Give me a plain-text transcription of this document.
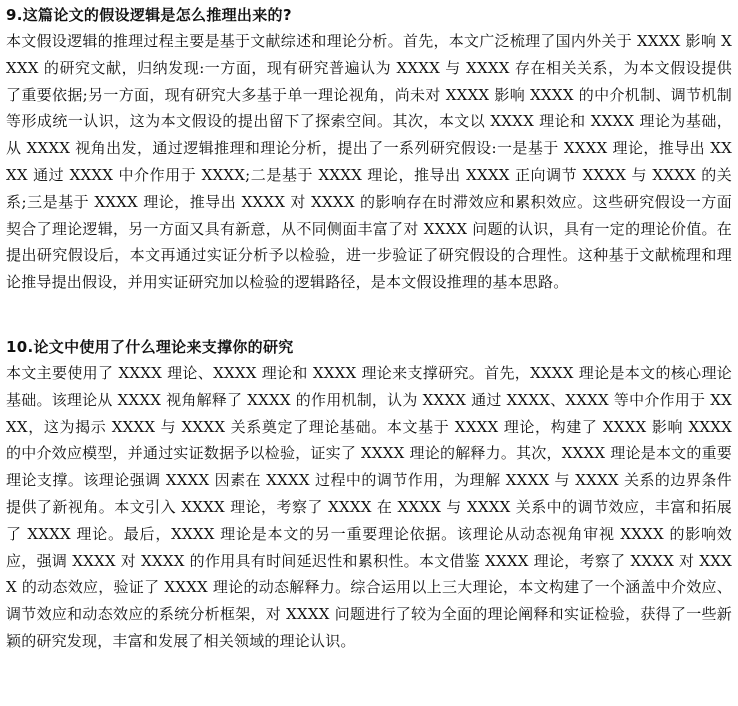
9.这篇论文的假设逻辑是怎么推理出来的?

本文假设逻辑的推理过程主要是基于文献综述和理论分析。首先，本文广泛梳理了国内外关于 XXXX 影响 XXXX 的研究文献，归纳发现:一方面，现有研究普遍认为 XXXX 与 XXXX 存在相关关系，为本文假设提供了重要依据;另一方面，现有研究大多基于单一理论视角，尚未对 XXXX 影响 XXXX 的中介机制、调节机制等形成统一认识，这为本文假设的提出留下了探索空间。其次，本文以 XXXX 理论和 XXXX 理论为基础，从 XXXX 视角出发，通过逻辑推理和理论分析，提出了一系列研究假设:一是基于 XXXX 理论，推导出 XXXX 通过 XXXX 中介作用于 XXXX;二是基于 XXXX 理论，推导出 XXXX 正向调节 XXXX 与 XXXX 的关系;三是基于 XXXX 理论，推导出 XXXX 对 XXXX 的影响存在时滞效应和累积效应。这些研究假设一方面契合了理论逻辑，另一方面又具有新意，从不同侧面丰富了对 XXXX 问题的认识，具有一定的理论价值。在提出研究假设后，本文再通过实证分析予以检验，进一步验证了研究假设的合理性。这种基于文献梳理和理论推导提出假设，并用实证研究加以检验的逻辑路径，是本文假设推理的基本思路。

10.论文中使用了什么理论来支撑你的研究

本文主要使用了 XXXX 理论、XXXX 理论和 XXXX 理论来支撑研究。首先，XXXX 理论是本文的核心理论基础。该理论从 XXXX 视角解释了 XXXX 的作用机制，认为 XXXX 通过 XXXX、XXXX 等中介作用于 XXXX，这为揭示 XXXX 与 XXXX 关系奠定了理论基础。本文基于 XXXX 理论，构建了 XXXX 影响 XXXX 的中介效应模型，并通过实证数据予以检验，证实了 XXXX 理论的解释力。其次，XXXX 理论是本文的重要理论支撑。该理论强调 XXXX 因素在 XXXX 过程中的调节作用，为理解 XXXX 与 XXXX 关系的边界条件提供了新视角。本文引入 XXXX 理论，考察了 XXXX 在 XXXX 与 XXXX 关系中的调节效应，丰富和拓展了 XXXX 理论。最后，XXXX 理论是本文的另一重要理论依据。该理论从动态视角审视 XXXX 的影响效应，强调 XXXX 对 XXXX 的作用具有时间延迟性和累积性。本文借鉴 XXXX 理论，考察了 XXXX 对 XXXX 的动态效应，验证了 XXXX 理论的动态解释力。综合运用以上三大理论，本文构建了一个涵盖中介效应、调节效应和动态效应的系统分析框架，对 XXXX 问题进行了较为全面的理论阐释和实证检验，获得了一些新颖的研究发现，丰富和发展了相关领域的理论认识。
